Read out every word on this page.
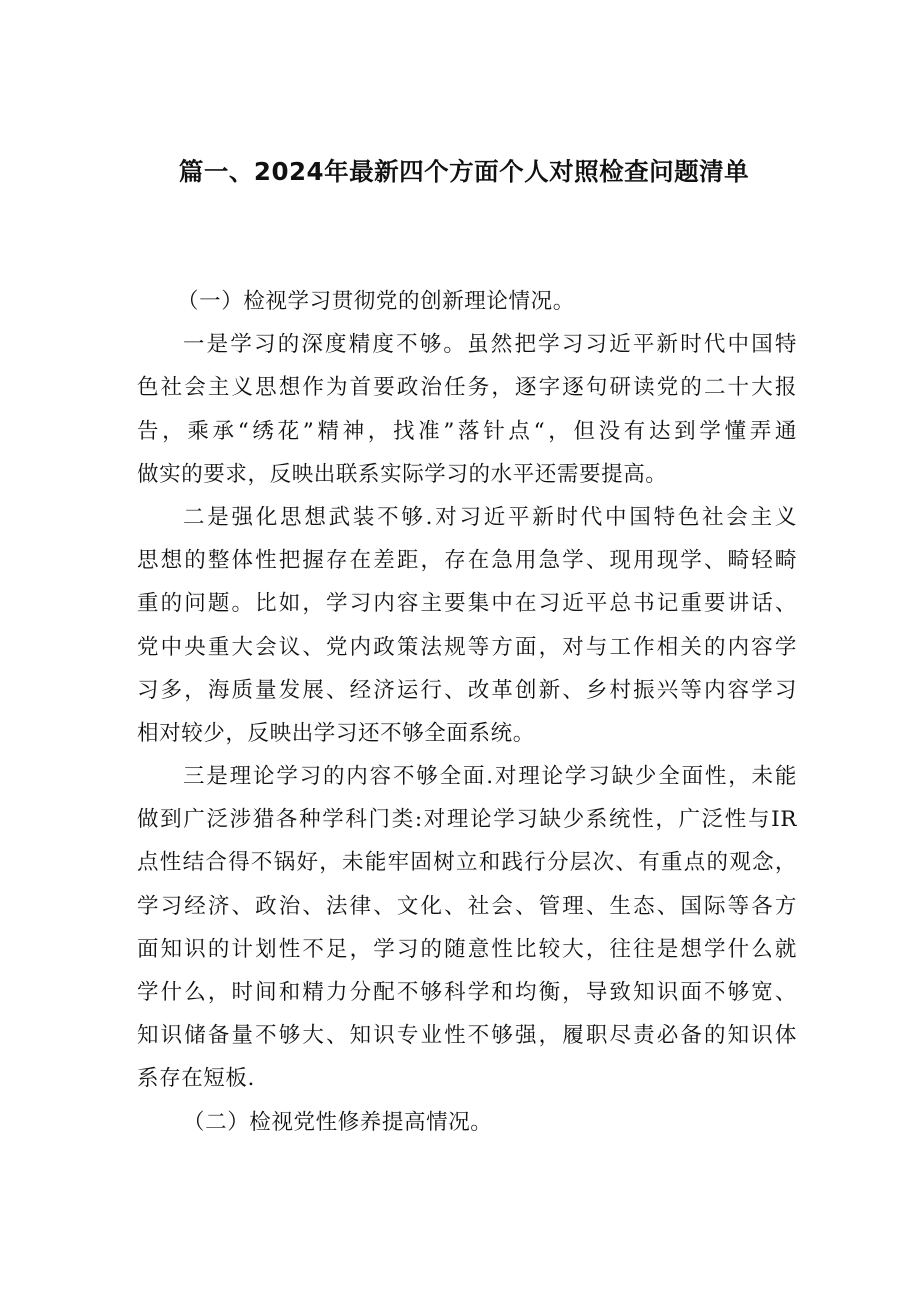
篇一、2024年最新四个方面个人对照检查问题清单
（一）检视学习贯彻党的创新理论情况。
一是学习的深度精度不够。虽然把学习习近平新时代中国特
色社会主义思想作为首要政治任务，逐字逐句研读党的二十大报
告，乘承“绣花”精神，找准”落针点“，但没有达到学懂弄通
做实的要求，反映出联系实际学习的水平还需要提高。
二是强化思想武装不够.对习近平新时代中国特色社会主义
思想的整体性把握存在差距，存在急用急学、现用现学、畸轻畸
重的问题。比如，学习内容主要集中在习近平总书记重要讲话、
党中央重大会议、党内政策法规等方面，对与工作相关的内容学
习多，海质量发展、经济运行、改革创新、乡村振兴等内容学习
相对较少，反映出学习还不够全面系统。
三是理论学习的内容不够全面.对理论学习缺少全面性，未能
做到广泛涉猎各种学科门类:对理论学习缺少系统性，广泛性与IR
点性结合得不锅好，未能牢固树立和践行分层次、有重点的观念，
学习经济、政治、法律、文化、社会、管理、生态、国际等各方
面知识的计划性不足，学习的随意性比较大，往往是想学什么就
学什么，时间和精力分配不够科学和均衡，导致知识面不够宽、
知识储备量不够大、知识专业性不够强，履职尽责必备的知识体
系存在短板.
（二）检视党性修养提高情况。
